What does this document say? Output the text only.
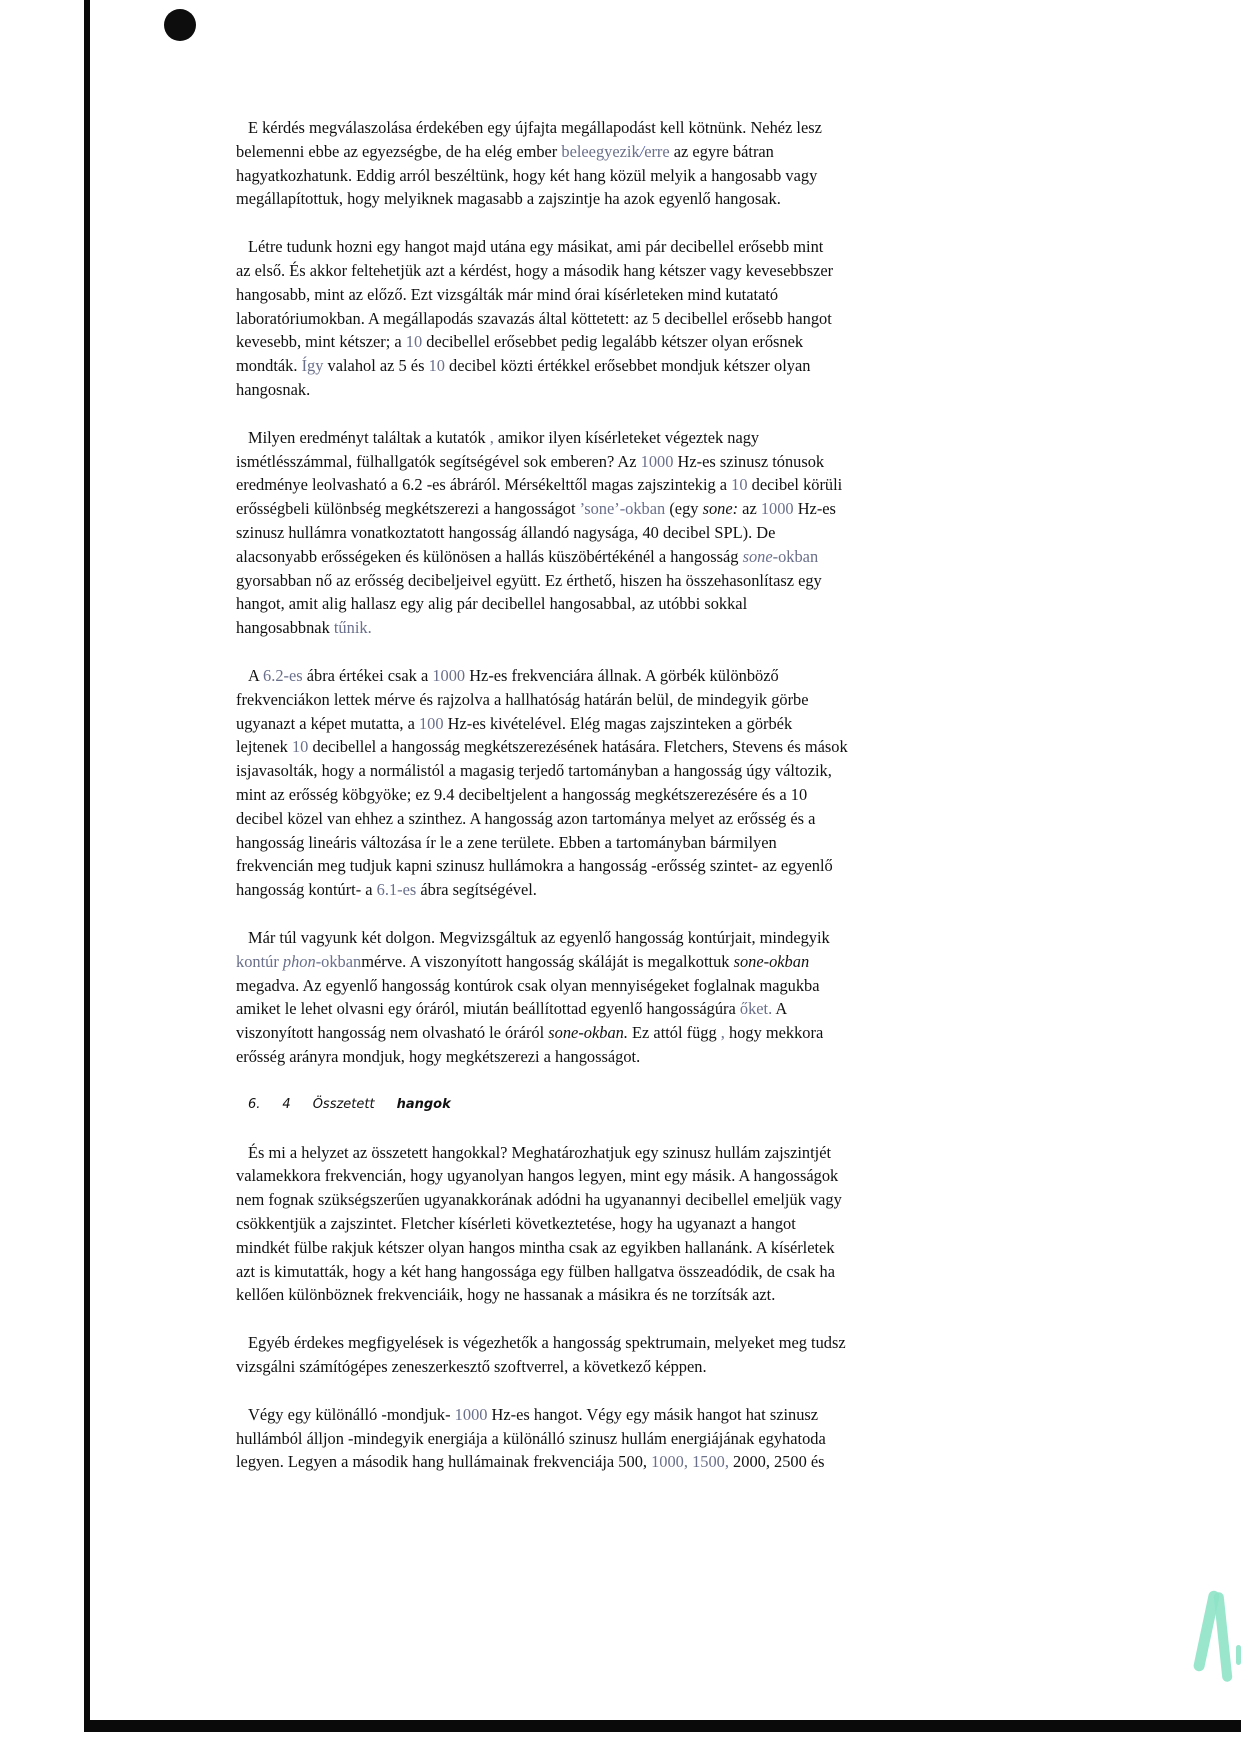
E kérdés megválaszolása érdekében egy újfajta megállapodást kell kötnünk. Nehéz lesz
belemenni ebbe az egyezségbe, de ha elég ember beleegyezik/erre az egyre bátran
hagyatkozhatunk. Eddig arról beszéltünk, hogy két hang közül melyik a hangosabb vagy
megállapítottuk, hogy melyiknek magasabb a zajszintje ha azok egyenlő hangosak.
Létre tudunk hozni egy hangot majd utána egy másikat, ami pár decibellel erősebb mint
az első. És akkor feltehetjük azt a kérdést, hogy a második hang kétszer vagy kevesebbszer
hangosabb, mint az előző. Ezt vizsgálták már mind órai kísérleteken mind kutatató
laboratóriumokban. A megállapodás szavazás által köttetett: az 5 decibellel erősebb hangot
kevesebb, mint kétszer; a 10 decibellel erősebbet pedig legalább kétszer olyan erősnek
mondták. Így valahol az 5 és 10 decibel közti értékkel erősebbet mondjuk kétszer olyan
hangosnak.
Milyen eredményt találtak a kutatók , amikor ilyen kísérleteket végeztek nagy
ismétlésszámmal, fülhallgatók segítségével sok emberen? Az 1000 Hz-es szinusz tónusok
eredménye leolvasható a 6.2 -es ábráról. Mérsékelttől magas zajszintekig a 10 decibel körüli
erősségbeli különbség megkétszerezi a hangosságot ’sone’-okban (egy sone: az 1000 Hz-es
szinusz hullámra vonatkoztatott hangosság állandó nagysága, 40 decibel SPL). De
alacsonyabb erősségeken és különösen a hallás küszöbértékénél a hangosság sone-okban
gyorsabban nő az erősség decibeljeivel együtt. Ez érthető, hiszen ha összehasonlítasz egy
hangot, amit alig hallasz egy alig pár decibellel hangosabbal, az utóbbi sokkal
hangosabbnak tűnik.
A 6.2-es ábra értékei csak a 1000 Hz-es frekvenciára állnak. A görbék különböző
frekvenciákon lettek mérve és rajzolva a hallhatóság határán belül, de mindegyik görbe
ugyanazt a képet mutatta, a 100 Hz-es kivételével. Elég magas zajszinteken a görbék
lejtenek 10 decibellel a hangosság megkétszerezésének hatására. Fletchers, Stevens és mások
isjavasolták, hogy a normálistól a magasig terjedő tartományban a hangosság úgy változik,
mint az erősség köbgyöke; ez 9.4 decibeltjelent a hangosság megkétszerezésére és a 10
decibel közel van ehhez a szinthez. A hangosság azon tartománya melyet az erősség és a
hangosság lineáris változása ír le a zene területe. Ebben a tartományban bármilyen
frekvencián meg tudjuk kapni szinusz hullámokra a hangosság -erősség szintet- az egyenlő
hangosság kontúrt- a 6.1-es ábra segítségével.
Már túl vagyunk két dolgon. Megvizsgáltuk az egyenlő hangosság kontúrjait, mindegyik
kontúr phon-okbanmérve. A viszonyított hangosság skáláját is megalkottuk sone-okban
megadva. Az egyenlő hangosság kontúrok csak olyan mennyiségeket foglalnak magukba
amiket le lehet olvasni egy óráról, miután beállítottad egyenlő hangosságúra őket. A
viszonyított hangosság nem olvasható le óráról sone-okban. Ez attól függ , hogy mekkora
erősség arányra mondjuk, hogy megkétszerezi a hangosságot.
6. 4 Összetett hangok
És mi a helyzet az összetett hangokkal? Meghatározhatjuk egy szinusz hullám zajszintjét
valamekkora frekvencián, hogy ugyanolyan hangos legyen, mint egy másik. A hangosságok
nem fognak szükségszerűen ugyanakkorának adódni ha ugyanannyi decibellel emeljük vagy
csökkentjük a zajszintet. Fletcher kísérleti következtetése, hogy ha ugyanazt a hangot
mindkét fülbe rakjuk kétszer olyan hangos mintha csak az egyikben hallanánk. A kísérletek
azt is kimutatták, hogy a két hang hangossága egy fülben hallgatva összeadódik, de csak ha
kellően különböznek frekvenciáik, hogy ne hassanak a másikra és ne torzítsák azt.
Egyéb érdekes megfigyelések is végezhetők a hangosság spektrumain, melyeket meg tudsz
vizsgálni számítógépes zeneszerkesztő szoftverrel, a következő képpen.
Végy egy különálló -mondjuk- 1000 Hz-es hangot. Végy egy másik hangot hat szinusz
hullámból álljon -mindegyik energiája a különálló szinusz hullám energiájának egyhatoda
legyen. Legyen a második hang hullámainak frekvenciája 500, 1000, 1500, 2000, 2500 és
